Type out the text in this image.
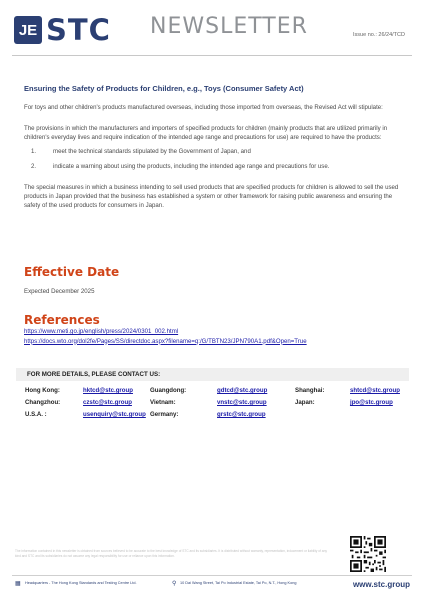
JE STC NEWSLETTER	Issue no.: 26/24/TCD
Ensuring the Safety of Products for Children, e.g., Toys (Consumer Safety Act)

For toys and other children's products manufactured overseas, including those imported from overseas, the Revised Act will stipulate:

The provisions in which the manufacturers and importers of specified products for children (mainly products that are utilized primarily in children's everyday lives and require indication of the intended age range and precautions for use) are required to have the products:

1.	meet the technical standards stipulated by the Government of Japan, and
2.	indicate a warning about using the products, including the intended age range and precautions for use.

The special measures in which a business intending to sell used products that are specified products for children is allowed to sell the used products in Japan provided that the business has established a system or other framework for raising public awareness and ensuring the safety of the used products for consumers in Japan.

Effective Date
Expected December 2025
References
https://www.meti.go.jp/english/press/2024/0301_002.html
https://docs.wto.org/dol2fe/Pages/SS/directdoc.aspx?filename=q:/G/TBTN23/JPN790A1.pdf&Open=True
FOR MORE DETAILS, PLEASE CONTACT US:
Hong Kong:	hktcd@stc.group	Guangdong:	gdtcd@stc.group	Shanghai:	shtcd@stc.group
Changzhou:	czstc@stc.group	Vietnam:	vnstc@stc.group	Japan:	jpo@stc.group
U.S.A. :	usenquiry@stc.group Germany:	grstc@stc.group
The information contained in this newsletter is obtained from sources believed to be accurate to the best knowledge of STC and its subsidiaries. It is distributed without warranty, representation, inducement or liability of any kind and STC and its subsidiaries do not assume any legal responsibility for use or reliance upon this information.
▦ Headquarters - The Hong Kong Standards and Testing Centre Ltd.	⚲ 10 Dai Wang Street, Tai Po Industrial Estate, Tai Po, N.T., Hong Kong	www.stc.group
